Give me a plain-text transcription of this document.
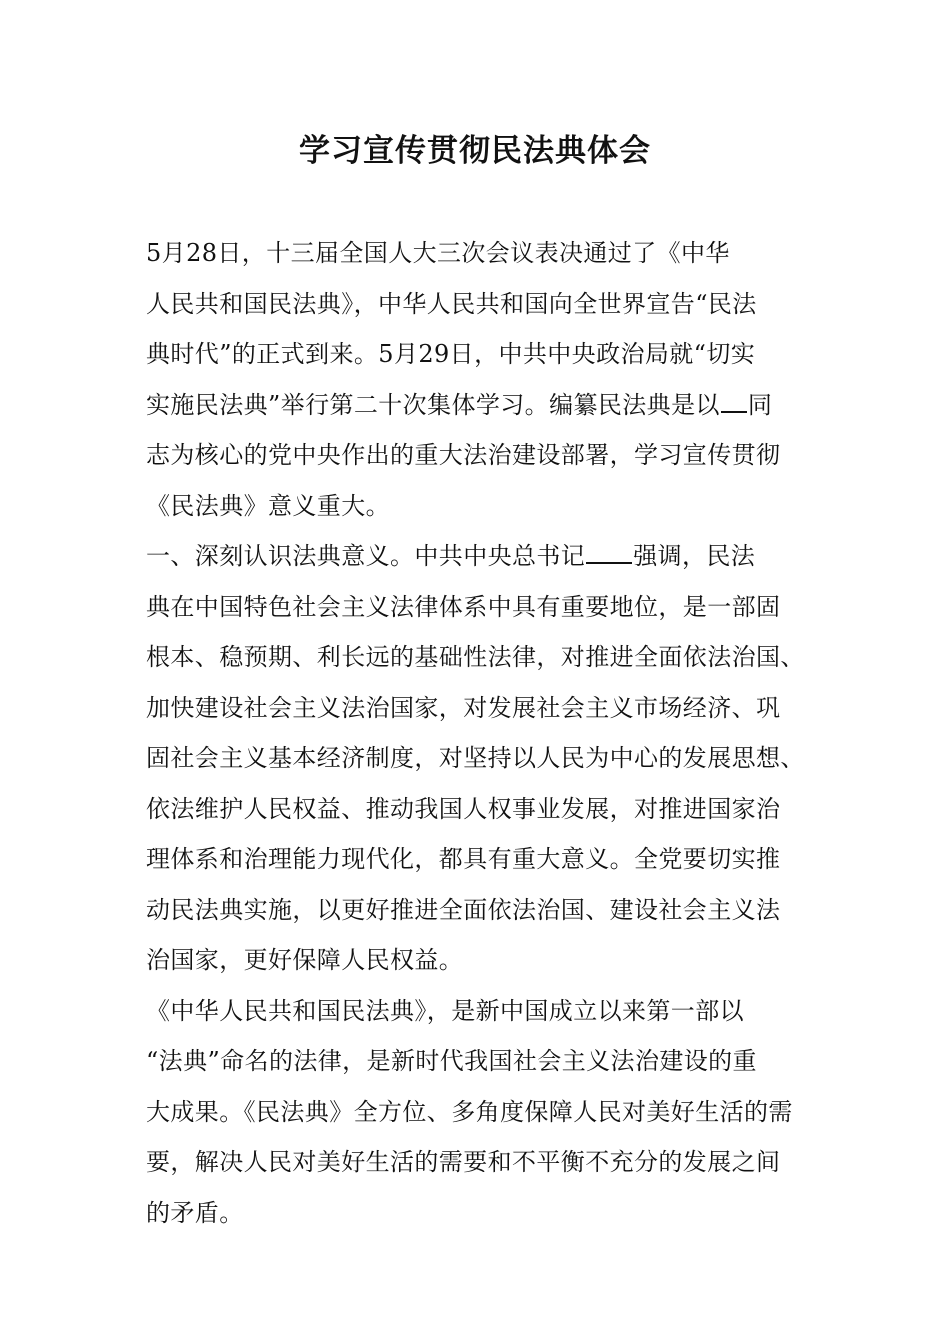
学习宣传贯彻民法典体会

5月28日，十三届全国人大三次会议表决通过了《中华
人民共和国民法典》，中华人民共和国向全世界宣告“民法
典时代”的正式到来。5月29日，中共中央政治局就“切实
实施民法典”举行第二十次集体学习。编纂民法典是以 同
志为核心的党中央作出的重大法治建设部署，学习宣传贯彻
《民法典》意义重大。

一、深刻认识法典意义。中共中央总书记 强调，民法
典在中国特色社会主义法律体系中具有重要地位，是一部固
根本、稳预期、利长远的基础性法律，对推进全面依法治国、
加快建设社会主义法治国家，对发展社会主义市场经济、巩
固社会主义基本经济制度，对坚持以人民为中心的发展思想、
依法维护人民权益、推动我国人权事业发展，对推进国家治
理体系和治理能力现代化，都具有重大意义。全党要切实推
动民法典实施，以更好推进全面依法治国、建设社会主义法
治国家，更好保障人民权益。

《中华人民共和国民法典》，是新中国成立以来第一部以
“法典”命名的法律，是新时代我国社会主义法治建设的重
大成果。《民法典》全方位、多角度保障人民对美好生活的需
要，解决人民对美好生活的需要和不平衡不充分的发展之间
的矛盾。
